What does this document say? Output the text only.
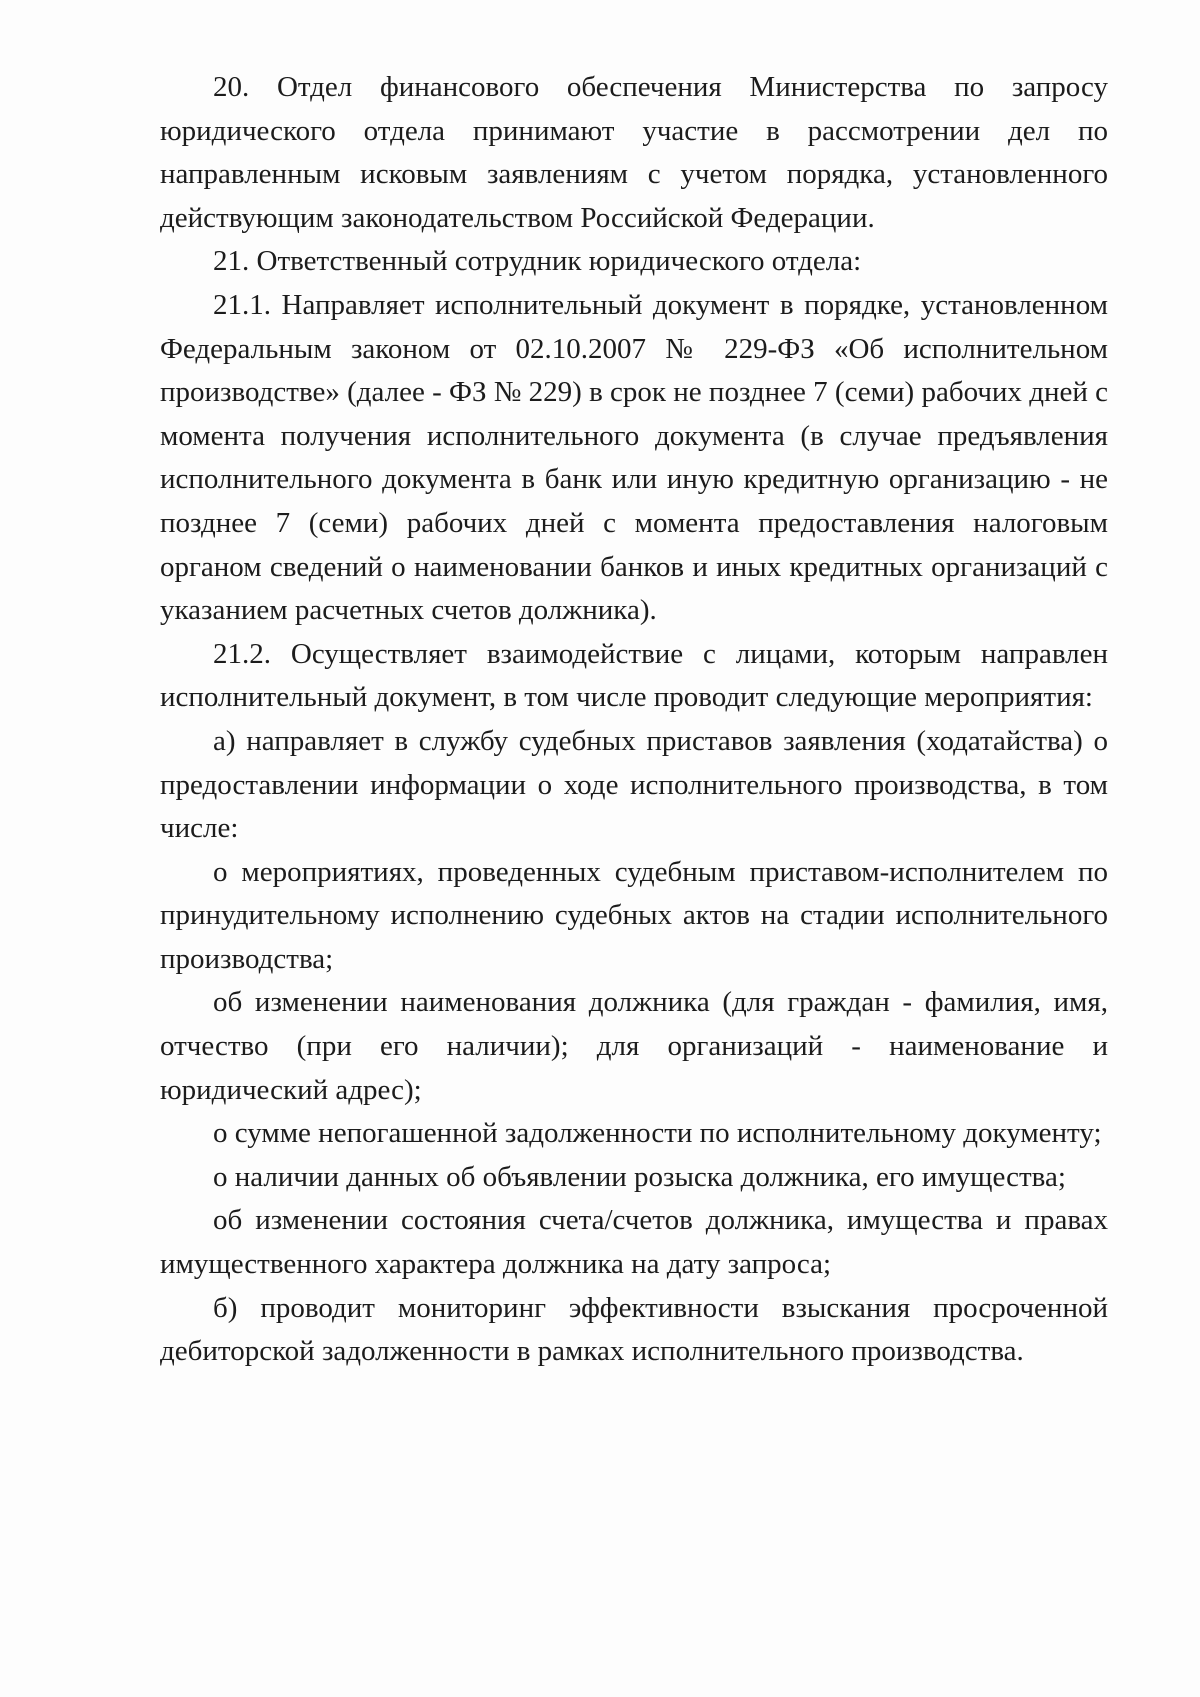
20. Отдел финансового обеспечения Министерства по запросу юридического отдела принимают участие в рассмотрении дел по направленным исковым заявлениям с учетом порядка, установленного действующим законодательством Российской Федерации.

21. Ответственный сотрудник юридического отдела:

21.1. Направляет исполнительный документ в порядке, установленном Федеральным законом от 02.10.2007 № 229-ФЗ «Об исполнительном производстве» (далее - ФЗ № 229) в срок не позднее 7 (семи) рабочих дней с момента получения исполнительного документа (в случае предъявления исполнительного документа в банк или иную кредитную организацию - не позднее 7 (семи) рабочих дней с момента предоставления налоговым органом сведений о наименовании банков и иных кредитных организаций с указанием расчетных счетов должника).

21.2. Осуществляет взаимодействие с лицами, которым направлен исполнительный документ, в том числе проводит следующие мероприятия:

а) направляет в службу судебных приставов заявления (ходатайства) о предоставлении информации о ходе исполнительного производства, в том числе:

о мероприятиях, проведенных судебным приставом-исполнителем по принудительному исполнению судебных актов на стадии исполнительного производства;

об изменении наименования должника (для граждан - фамилия, имя, отчество (при его наличии); для организаций - наименование и юридический адрес);

о сумме непогашенной задолженности по исполнительному документу;

о наличии данных об объявлении розыска должника, его имущества;

об изменении состояния счета/счетов должника, имущества и правах имущественного характера должника на дату запроса;

б) проводит мониторинг эффективности взыскания просроченной дебиторской задолженности в рамках исполнительного производства.
